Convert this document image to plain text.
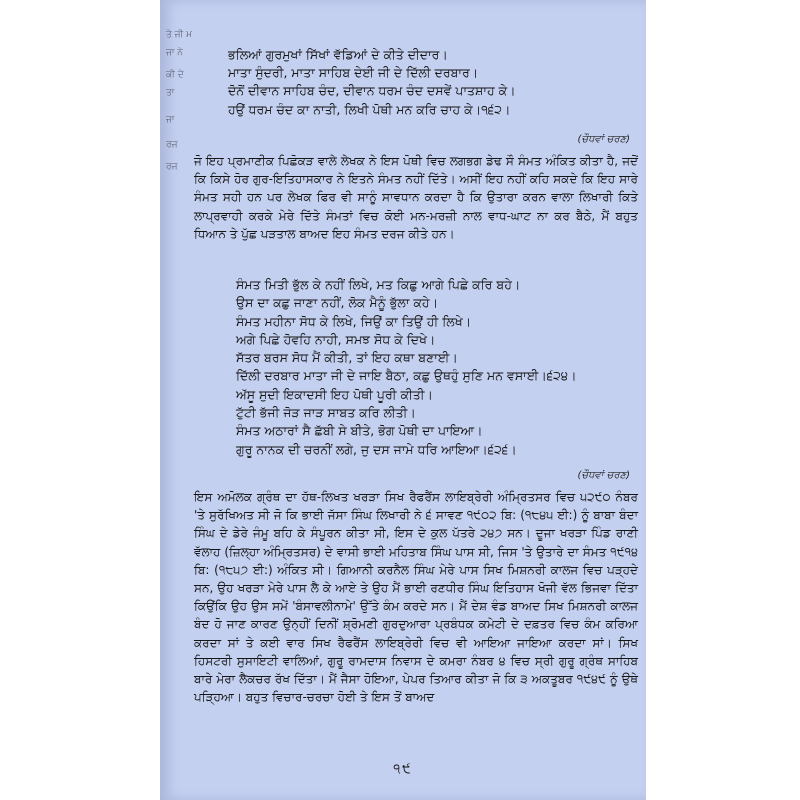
ਤੇ ਜੀ ਮ
ਜਾ ਨੇ
ਕੀ ਦੇ
ਤਾ
ਜਾ
ਰਜ
ਰਜ
ਭਲਿਆਂ ਗੁਰਮੁਖਾਂ ਸਿੱਖਾਂ ਵੱਡਿਆਂ ਦੇ ਕੀਤੇ ਦੀਦਾਰ।
ਮਾਤਾ ਸੁੰਦਰੀ, ਮਾਤਾ ਸਾਹਿਬ ਦੇਈ ਜੀ ਦੇ ਦਿੱਲੀ ਦਰਬਾਰ।
ਦੋਨੋਂ ਦੀਵਾਨ ਸਾਹਿਬ ਚੰਦ, ਦੀਵਾਨ ਧਰਮ ਚੰਦ ਦਸਵੇਂ ਪਾਤਸ਼ਾਹ ਕੇ।
ਹਉਂ ਧਰਮ ਚੰਦ ਕਾ ਨਾਤੀ, ਲਿਖੀ ਪੋਥੀ ਮਨ ਕਰਿ ਚਾਹ ਕੇ।੧੬੨।
(ਚੌਧਵਾਂ ਚਰਣ)

ਜੋ ਇਹ ਪ੍ਰਮਾਣੀਕ ਪਿਛੋਕੜ ਵਾਲੇ ਲੇਖਕ ਨੇ ਇਸ ਪੋਥੀ ਵਿਚ ਲਗਭਗ ਡੇਢ ਸੌ ਸੰਮਤ ਅੰਕਿਤ ਕੀਤਾ ਹੈ, ਜਦੋਂ ਕਿ ਕਿਸੇ ਹੋਰ ਗੁਰ-ਇਤਿਹਾਸਕਾਰ ਨੇ ਇਤਨੇ ਸੰਮਤ ਨਹੀਂ ਦਿੱਤੇ। ਅਸੀਂ ਇਹ ਨਹੀਂ ਕਹਿ ਸਕਦੇ ਕਿ ਇਹ ਸਾਰੇ ਸੰਮਤ ਸਹੀ ਹਨ ਪਰ ਲੇਖਕ ਫਿਰ ਵੀ ਸਾਨੂੰ ਸਾਵਧਾਨ ਕਰਦਾ ਹੈ ਕਿ ਉਤਾਰਾ ਕਰਨ ਵਾਲਾ ਲਿਖਾਰੀ ਕਿਤੇ ਲਾਪ੍ਰਵਾਹੀ ਕਰਕੇ ਮੇਰੇ ਦਿੱਤੇ ਸੰਮਤਾਂ ਵਿਚ ਕੋਈ ਮਨ-ਮਰਜ਼ੀ ਨਾਲ ਵਾਧ-ਘਾਟ ਨਾ ਕਰ ਬੈਠੇ, ਮੈਂ ਬਹੁਤ ਧਿਆਨ ਤੇ ਪੁੱਛ ਪੜਤਾਲ ਬਾਅਦ ਇਹ ਸੰਮਤ ਦਰਜ ਕੀਤੇ ਹਨ।

ਸੰਮਤ ਮਿਤੀ ਭੁੱਲ ਕੇ ਨਹੀਂ ਲਿਖੇ, ਮਤ ਕਿਛੁ ਆਗੇ ਪਿਛੇ ਕਰਿ ਬਹੇ।
ਉਸ ਦਾ ਕਛੁ ਜਾਣਾ ਨਹੀਂ, ਲੋਕ ਮੈਨੂੰ ਭੁੱਲਾ ਕਹੇ।
ਸੰਮਤ ਮਹੀਨਾ ਸੋਧ ਕੇ ਲਿਖੇ, ਜਿਉਂ ਕਾ ਤਿਉਂ ਹੀ ਲਿਖੇ।
ਅਗੇ ਪਿਛੇ ਹੋਵਹਿ ਨਾਹੀ, ਸਮਝ ਸੋਧ ਕੇ ਦਿਖੇ।
ਸੱਤਰ ਬਰਸ ਸੋਧ ਮੈਂ ਕੀਤੀ, ਤਾਂ ਇਹ ਕਥਾ ਬਣਾਈ।
ਦਿੱਲੀ ਦਰਬਾਰ ਮਾਤਾ ਜੀ ਦੇ ਜਾਇ ਬੈਠਾ, ਕਛੁ ਉਥਹੁੰ ਸੁਣਿ ਮਨ ਵਸਾਈ।੬੨੪।
ਅੱਸੂ ਸੁਦੀ ਇਕਾਦਸੀ ਇਹ ਪੋਥੀ ਪੂਰੀ ਕੀਤੀ।
ਟੁੱਟੀ ਭੱਜੀ ਜੋੜ ਜਾੜ ਸਾਬਤ ਕਰਿ ਲੀਤੀ।
ਸੰਮਤ ਅਠਾਰਾਂ ਸੈ ਛੱਬੀ ਸੇ ਬੀਤੇ, ਭੋਗ ਪੋਥੀ ਦਾ ਪਾਇਆ।
ਗੁਰੂ ਨਾਨਕ ਦੀ ਚਰਨੀਂ ਲਗੇ, ਜੁ ਦਸ ਜਾਮੇ ਧਰਿ ਆਇਆ।੬੨੬।
(ਚੌਧਵਾਂ ਚਰਣ)

ਇਸ ਅਮੋਲਕ ਗ੍ਰੰਥ ਦਾ ਹੱਥ-ਲਿਖਤ ਖਰੜਾ ਸਿਖ ਰੈਫਰੈਂਸ ਲਾਇਬ੍ਰੇਰੀ ਅੰਮ੍ਰਿਤਸਰ ਵਿਚ ੫੨੯੦ ਨੰਬਰ 'ਤੇ ਸੁਰੱਖਿਅਤ ਸੀ ਜੋ ਕਿ ਭਾਈ ਜੱਸਾ ਸਿੰਘ ਲਿਖਾਰੀ ਨੇ ੬ ਸਾਵਣ ੧੯੦੨ ਬਿ: (੧੮੪੫ ਈ:) ਨੂੰ ਬਾਬਾ ਬੰਦਾ ਸਿੰਘ ਦੇ ਡੇਰੇ ਜੰਮੂ ਬਹਿ ਕੇ ਸੰਪੂਰਨ ਕੀਤਾ ਸੀ, ਇਸ ਦੇ ਕੁਲ ਪੱਤਰੇ ੨੪੭ ਸਨ। ਦੂਜਾ ਖਰੜਾ ਪਿੰਡ ਰਾਣੀ ਵੱਲਾਹ (ਜ਼ਿਲ੍ਹਾ ਅੰਮ੍ਰਿਤਸਰ) ਦੇ ਵਾਸੀ ਭਾਈ ਮਹਿਤਾਬ ਸਿੰਘ ਪਾਸ ਸੀ, ਜਿਸ 'ਤੇ ਉਤਾਰੇ ਦਾ ਸੰਮਤ ੧੯੧੪ ਬਿ: (੧੮੫੭ ਈ:) ਅੰਕਿਤ ਸੀ। ਗਿਆਨੀ ਕਰਨੈਲ ਸਿੰਘ ਮੇਰੇ ਪਾਸ ਸਿਖ ਮਿਸ਼ਨਰੀ ਕਾਲਜ ਵਿਚ ਪੜ੍ਹਦੇ ਸਨ, ਉਹ ਖਰੜਾ ਮੇਰੇ ਪਾਸ ਲੈ ਕੇ ਆਏ ਤੇ ਉਹ ਮੈਂ ਭਾਈ ਰਣਧੀਰ ਸਿੰਘ ਇਤਿਹਾਸ ਖੋਜੀ ਵੱਲ ਭਿਜਵਾ ਦਿੱਤਾ ਕਿਉਂਕਿ ਉਹ ਉਸ ਸਮੇਂ 'ਬੰਸਾਵਲੀਨਾਮੇ' ਉੱਤੇ ਕੰਮ ਕਰਦੇ ਸਨ। ਮੈਂ ਦੇਸ਼ ਵੰਡ ਬਾਅਦ ਸਿਖ ਮਿਸ਼ਨਰੀ ਕਾਲਜ ਬੰਦ ਹੋ ਜਾਣ ਕਾਰਣ ਉਨ੍ਹੀਂ ਦਿਨੀਂ ਸ਼੍ਰੋਮਣੀ ਗੁਰਦੁਆਰਾ ਪ੍ਰਬੰਧਕ ਕਮੇਟੀ ਦੇ ਦਫ਼ਤਰ ਵਿਚ ਕੰਮ ਕਰਿਆ ਕਰਦਾ ਸਾਂ ਤੇ ਕਈ ਵਾਰ ਸਿਖ ਰੈਫਰੈਂਸ ਲਾਇਬ੍ਰੇਰੀ ਵਿਚ ਵੀ ਆਇਆ ਜਾਇਆ ਕਰਦਾ ਸਾਂ। ਸਿਖ ਹਿਸਟਰੀ ਸੁਸਾਇਟੀ ਵਾਲਿਆਂ, ਗੁਰੂ ਰਾਮਦਾਸ ਨਿਵਾਸ ਦੇ ਕਮਰਾ ਨੰਬਰ ੪ ਵਿਚ ਸ੍ਰੀ ਗੁਰੂ ਗ੍ਰੰਥ ਸਾਹਿਬ ਬਾਰੇ ਮੇਰਾ ਲੈਕਚਰ ਰੱਖ ਦਿੱਤਾ। ਮੈਂ ਜੈਸਾ ਹੋਇਆ, ਪੇਪਰ ਤਿਆਰ ਕੀਤਾ ਜੋ ਕਿ ੩ ਅਕਤੂਬਰ ੧੯੪੯ ਨੂੰ ਉਥੇ ਪੜ੍ਹਿਆ। ਬਹੁਤ ਵਿਚਾਰ-ਚਰਚਾ ਹੋਈ ਤੇ ਇਸ ਤੋਂ ਬਾਅਦ

੧੯
